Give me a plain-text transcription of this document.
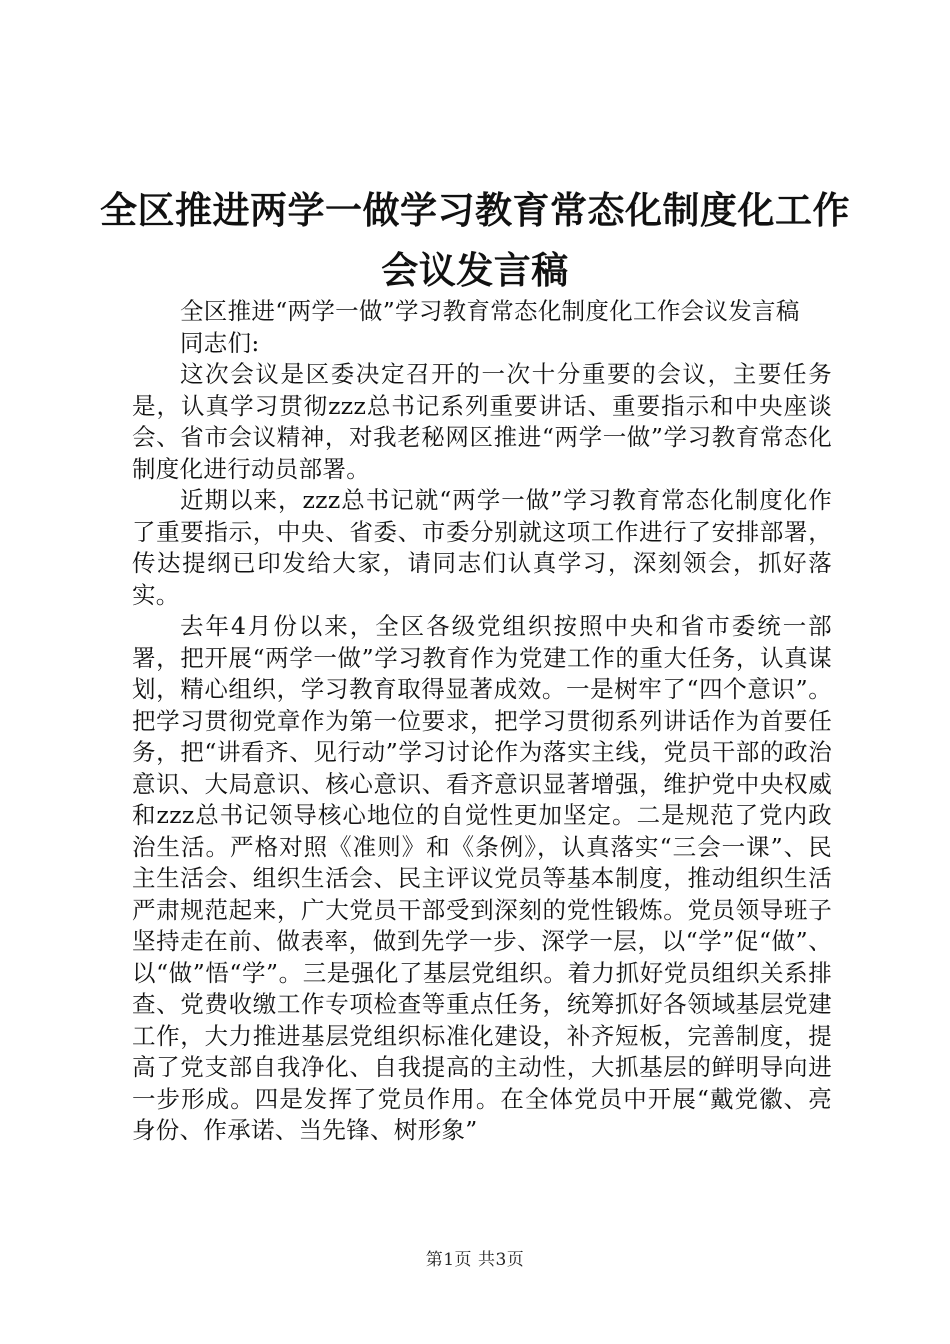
全区推进两学一做学习教育常态化制度化工作
会议发言稿

全区推进“两学一做”学习教育常态化制度化工作会议发言稿

同志们:

这次会议是区委决定召开的一次十分重要的会议，主要任务是，认真学习贯彻zzz总书记系列重要讲话、重要指示和中央座谈会、省市会议精神，对我老秘网区推进“两学一做”学习教育常态化制度化进行动员部署。

近期以来，zzz总书记就“两学一做”学习教育常态化制度化作了重要指示，中央、省委、市委分别就这项工作进行了安排部署，传达提纲已印发给大家，请同志们认真学习，深刻领会，抓好落实。

去年4月份以来，全区各级党组织按照中央和省市委统一部署，把开展“两学一做”学习教育作为党建工作的重大任务，认真谋划，精心组织，学习教育取得显著成效。一是树牢了“四个意识”。把学习贯彻党章作为第一位要求，把学习贯彻系列讲话作为首要任务，把“讲看齐、见行动”学习讨论作为落实主线，党员干部的政治意识、大局意识、核心意识、看齐意识显著增强，维护党中央权威和zzz总书记领导核心地位的自觉性更加坚定。二是规范了党内政治生活。严格对照《准则》和《条例》，认真落实“三会一课”、民主生活会、组织生活会、民主评议党员等基本制度，推动组织生活严肃规范起来，广大党员干部受到深刻的党性锻炼。党员领导班子坚持走在前、做表率，做到先学一步、深学一层，以“学”促“做”、以“做”悟“学”。三是强化了基层党组织。着力抓好党员组织关系排查、党费收缴工作专项检查等重点任务，统筹抓好各领域基层党建工作，大力推进基层党组织标准化建设，补齐短板，完善制度，提高了党支部自我净化、自我提高的主动性，大抓基层的鲜明导向进一步形成。四是发挥了党员作用。在全体党员中开展“戴党徽、亮身份、作承诺、当先锋、树形象”

第1页 共3页
